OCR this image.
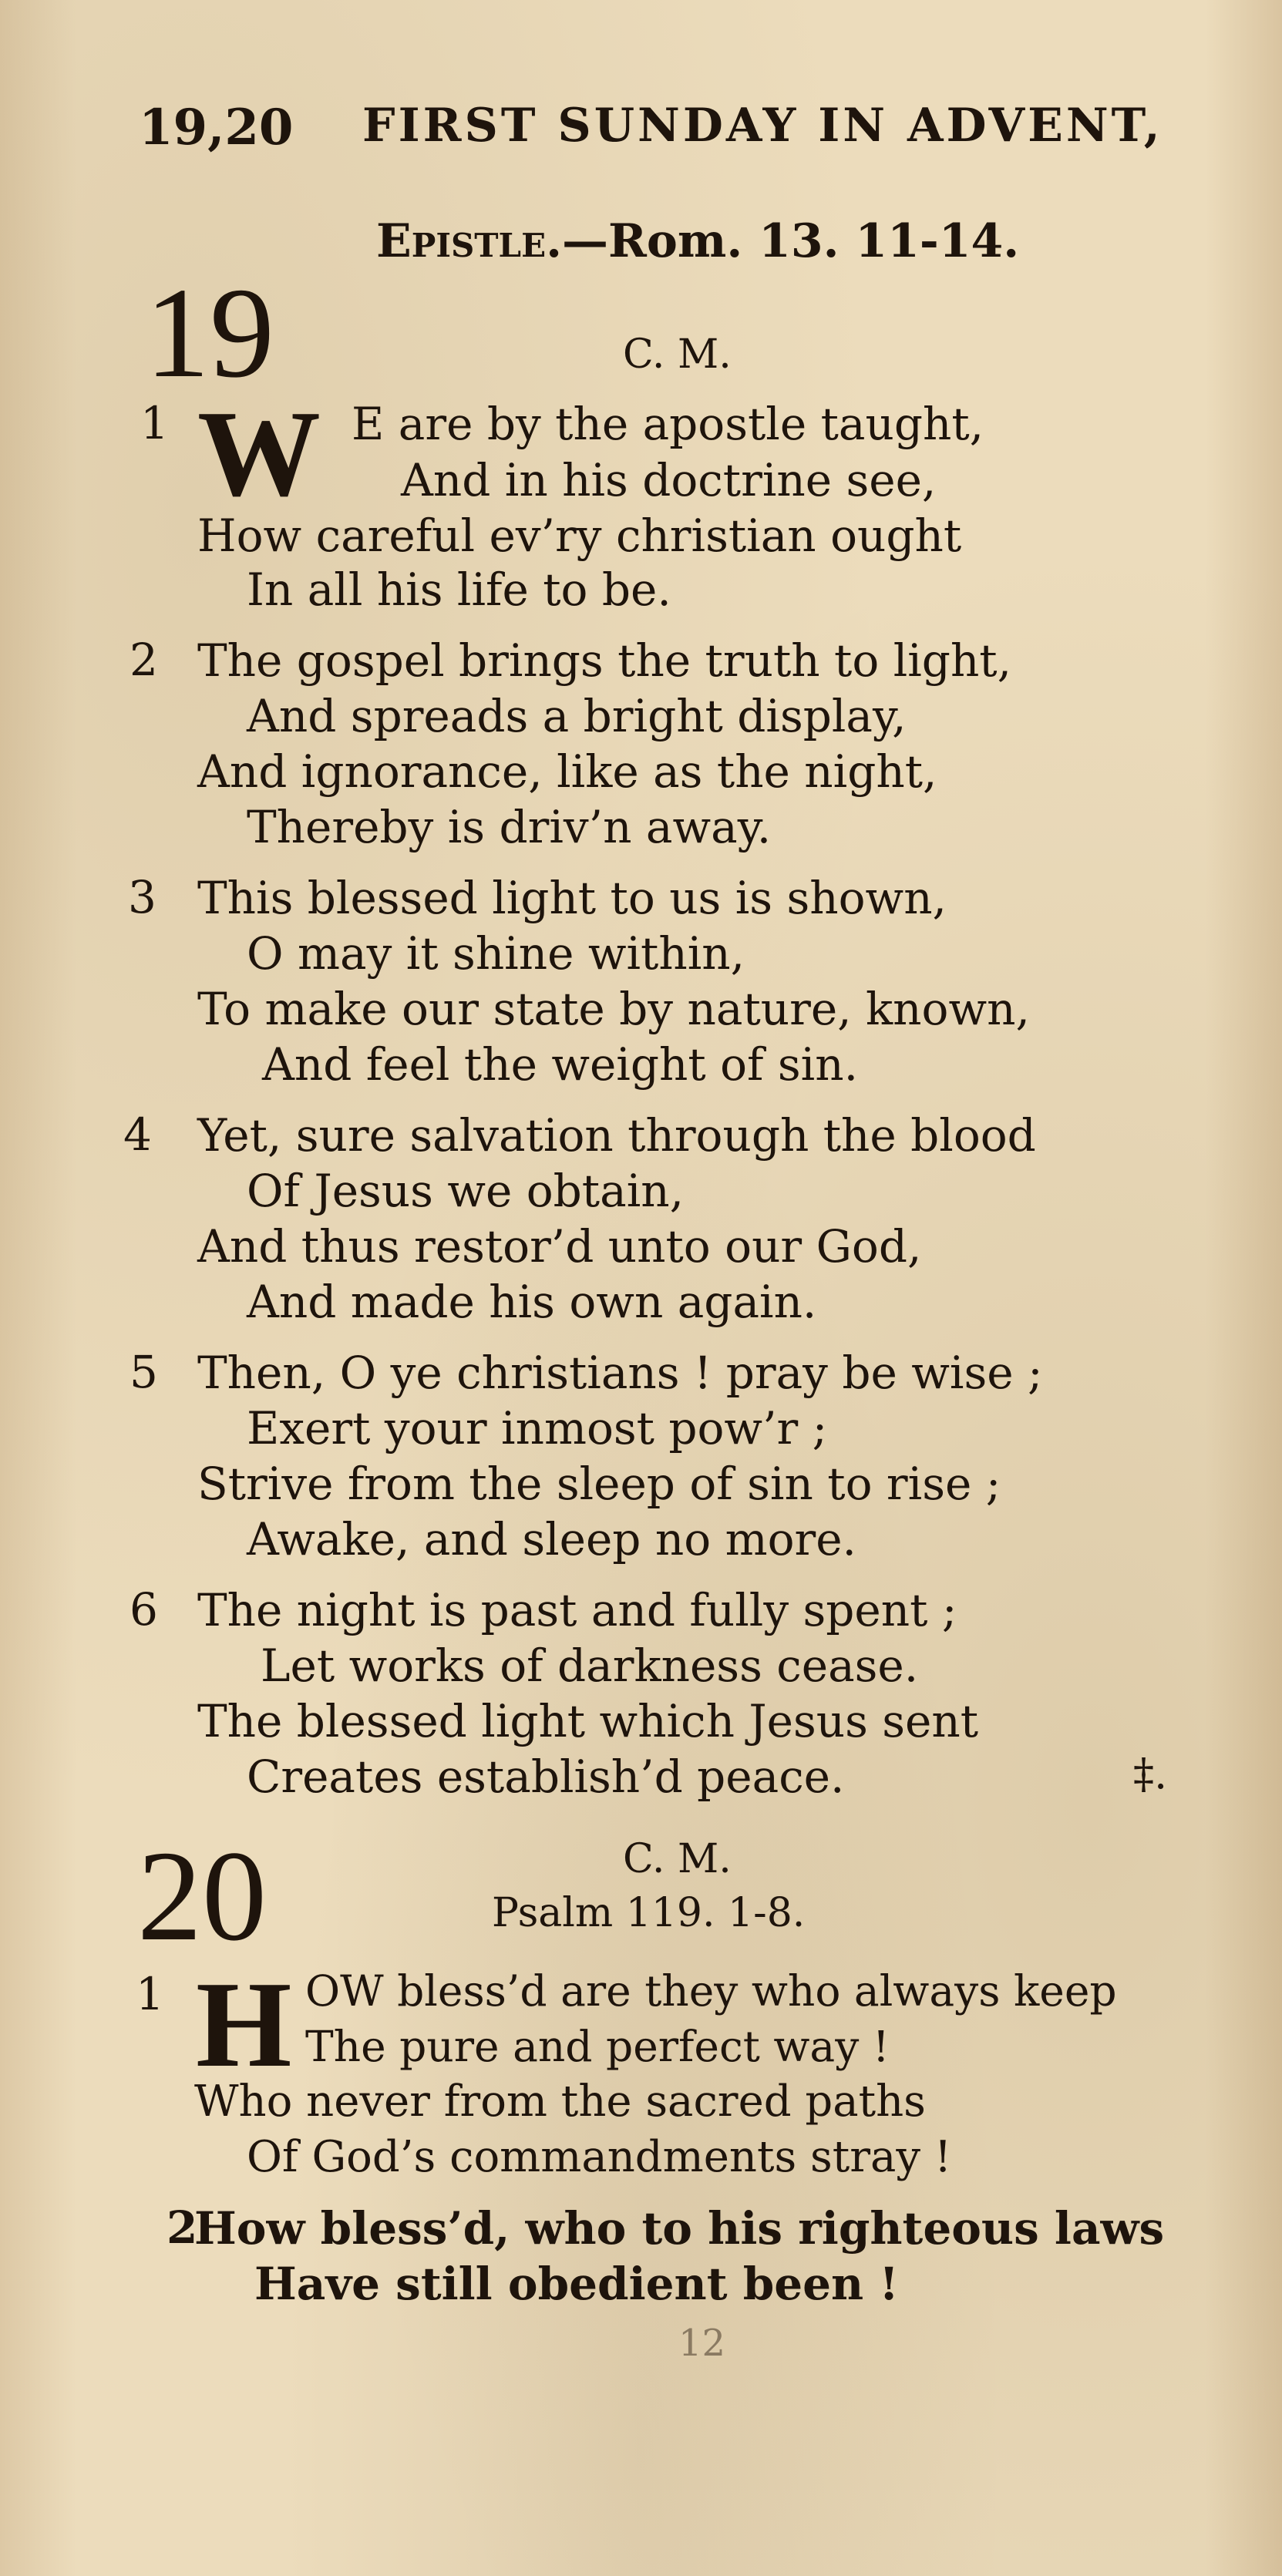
19,20 FIRST SUNDAY IN ADVENT,
Epistle.—Rom. 13. 11-14.
19	C. M.
1 W E are by the apostle taught,
And in his doctrine see,
How careful ev’ry christian ought
In all his life to be.
2 The gospel brings the truth to light,
And spreads a bright display,
And ignorance, like as the night,
Thereby is driv’n away.
3 This blessed light to us is shown,
O may it shine within,
To make our state by nature, known,
And feel the weight of sin.
4 Yet, sure salvation through the blood
Of Jesus we obtain,
And thus restor’d unto our God,
And made his own again.
5 Then, O ye christians ! pray be wise ;
Exert your inmost pow’r ;
Strive from the sleep of sin to rise ;
Awake, and sleep no more.
6 The night is past and fully spent ;
Let works of darkness cease.
The blessed light which Jesus sent
Creates establish’d peace.	‡.
20	C. M.
Psalm 119. 1-8.
1 H OW bless’d are they who always keep
The pure and perfect way !
Who never from the sacred paths
Of God’s commandments stray !
2
How bless’d, who to his righteous laws
Have still obedient been !
12
